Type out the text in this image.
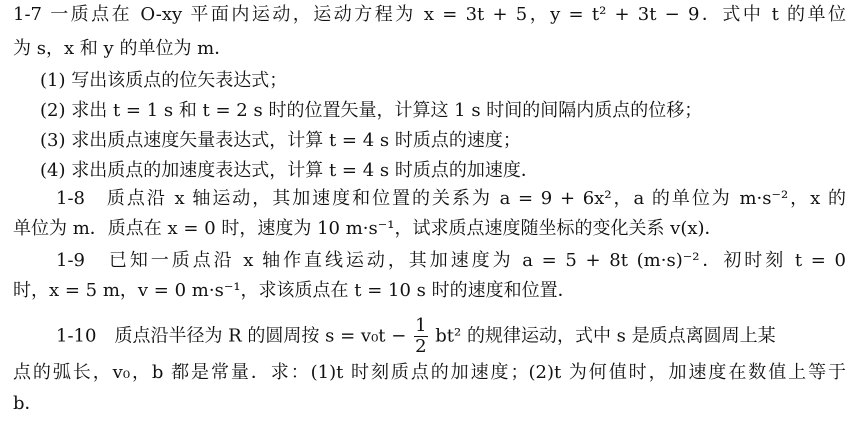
1-7 一质点在 O-xy 平面内运动，运动方程为 x = 3t + 5，y = t² + 3t − 9．式中 t 的单位
为 s，x 和 y 的单位为 m．
(1) 写出该质点的位矢表达式；
(2) 求出 t = 1 s 和 t = 2 s 时的位置矢量，计算这 1 s 时间的间隔内质点的位移；
(3) 求出质点速度矢量表达式，计算 t = 4 s 时质点的速度；
(4) 求出质点的加速度表达式，计算 t = 4 s 时质点的加速度．
1-8　质点沿 x 轴运动，其加速度和位置的关系为 a = 9 + 6x²，a 的单位为 m·s⁻²，x 的
单位为 m．质点在 x = 0 时，速度为 10 m·s⁻¹，试求质点速度随坐标的变化关系 v(x)．
1-9　已知一质点沿 x 轴作直线运动，其加速度为 a = 5 + 8t (m·s)⁻²．初时刻 t = 0
时，x = 5 m，v = 0 m·s⁻¹，求该质点在 t = 10 s 时的速度和位置．
1-10　质点沿半径为 R 的圆周按 $s = v_0t - \frac{1}{2} bt^2$ 的规律运动，式中 s 是质点离圆周上某
点的弧长，v₀，b 都是常量．求：(1)t 时刻质点的加速度；(2)t 为何值时，加速度在数值上等于
b．
